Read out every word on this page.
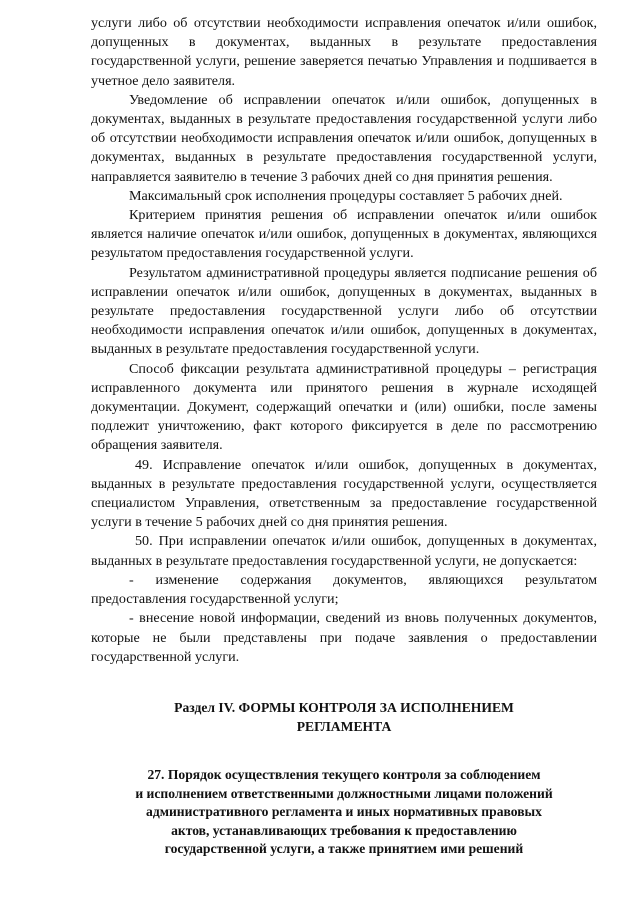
услуги либо об отсутствии необходимости исправления опечаток и/или ошибок, допущенных в документах, выданных в результате предоставления государственной услуги, решение заверяется печатью Управления и подшивается в учетное дело заявителя.

Уведомление об исправлении опечаток и/или ошибок, допущенных в документах, выданных в результате предоставления государственной услуги либо об отсутствии необходимости исправления опечаток и/или ошибок, допущенных в документах, выданных в результате предоставления государственной услуги, направляется заявителю в течение 3 рабочих дней со дня принятия решения.

Максимальный срок исполнения процедуры составляет 5 рабочих дней.

Критерием принятия решения об исправлении опечаток и/или ошибок является наличие опечаток и/или ошибок, допущенных в документах, являющихся результатом предоставления государственной услуги.

Результатом административной процедуры является подписание решения об исправлении опечаток и/или ошибок, допущенных в документах, выданных в результате предоставления государственной услуги либо об отсутствии необходимости исправления опечаток и/или ошибок, допущенных в документах, выданных в результате предоставления государственной услуги.

Способ фиксации результата административной процедуры – регистрация исправленного документа или принятого решения в журнале исходящей документации. Документ, содержащий опечатки и (или) ошибки, после замены подлежит уничтожению, факт которого фиксируется в деле по рассмотрению обращения заявителя.

49. Исправление опечаток и/или ошибок, допущенных в документах, выданных в результате предоставления государственной услуги, осуществляется специалистом Управления, ответственным за предоставление государственной услуги в течение 5 рабочих дней со дня принятия решения.

50. При исправлении опечаток и/или ошибок, допущенных в документах, выданных в результате предоставления государственной услуги, не допускается:

- изменение содержания документов, являющихся результатом предоставления государственной услуги;

- внесение новой информации, сведений из вновь полученных документов, которые не были представлены при подаче заявления о предоставлении государственной услуги.

Раздел IV. ФОРМЫ КОНТРОЛЯ ЗА ИСПОЛНЕНИЕМ
РЕГЛАМЕНТА

27. Порядок осуществления текущего контроля за соблюдением
и исполнением ответственными должностными лицами положений
административного регламента и иных нормативных правовых
актов, устанавливающих требования к предоставлению
государственной услуги, а также принятием ими решений
